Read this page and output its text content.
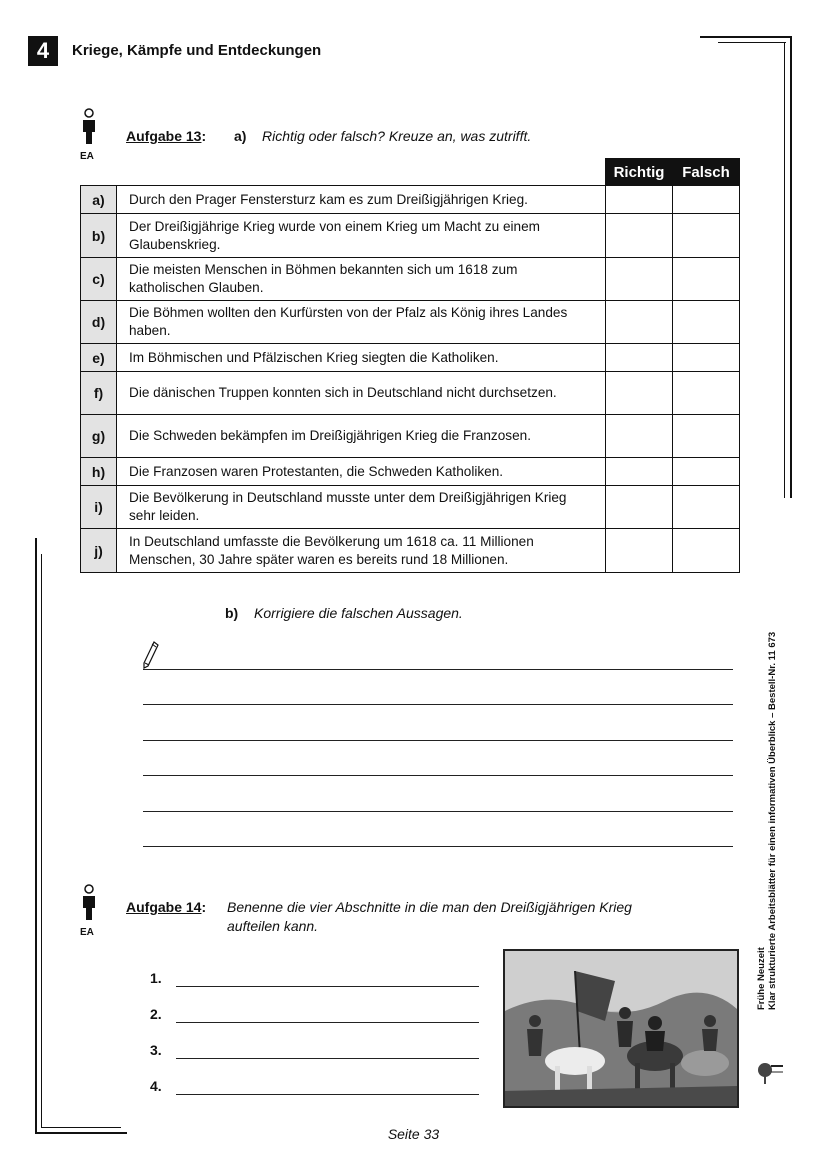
4	Kriege, Kämpfe und Entdeckungen
EA
Aufgabe 13: a) Richtig oder falsch? Kreuze an, was zutrifft.
		Richtig	Falsch
a)	Durch den Prager Fenstersturz kam es zum Dreißigjährigen Krieg.		
b)	Der Dreißigjährige Krieg wurde von einem Krieg um Macht zu einem Glaubenskrieg.		
c)	Die meisten Menschen in Böhmen bekannten sich um 1618 zum katholischen Glauben.		
d)	Die Böhmen wollten den Kurfürsten von der Pfalz als König ihres Landes haben.		
e)	Im Böhmischen und Pfälzischen Krieg siegten die Katholiken.		
f)	Die dänischen Truppen konnten sich in Deutschland nicht durchsetzen.		
g)	Die Schweden bekämpfen im Dreißigjährigen Krieg die Franzosen.		
h)	Die Franzosen waren Protestanten, die Schweden Katholiken.		
i)	Die Bevölkerung in Deutschland musste unter dem Dreißigjährigen Krieg sehr leiden.		
j)	In Deutschland umfasste die Bevölkerung um 1618 ca. 11 Millionen Menschen, 30 Jahre später waren es bereits rund 18 Millionen.		
b) Korrigiere die falschen Aussagen.
EA
Aufgabe 14: Benenne die vier Abschnitte in die man den Dreißigjährigen Krieg
aufteilen kann.
1.
2.
3.
4.
Frühe Neuzeit Klar strukturierte Arbeitsblätter für einen informativen Überblick – Bestell-Nr. 11 673
Seite 33
